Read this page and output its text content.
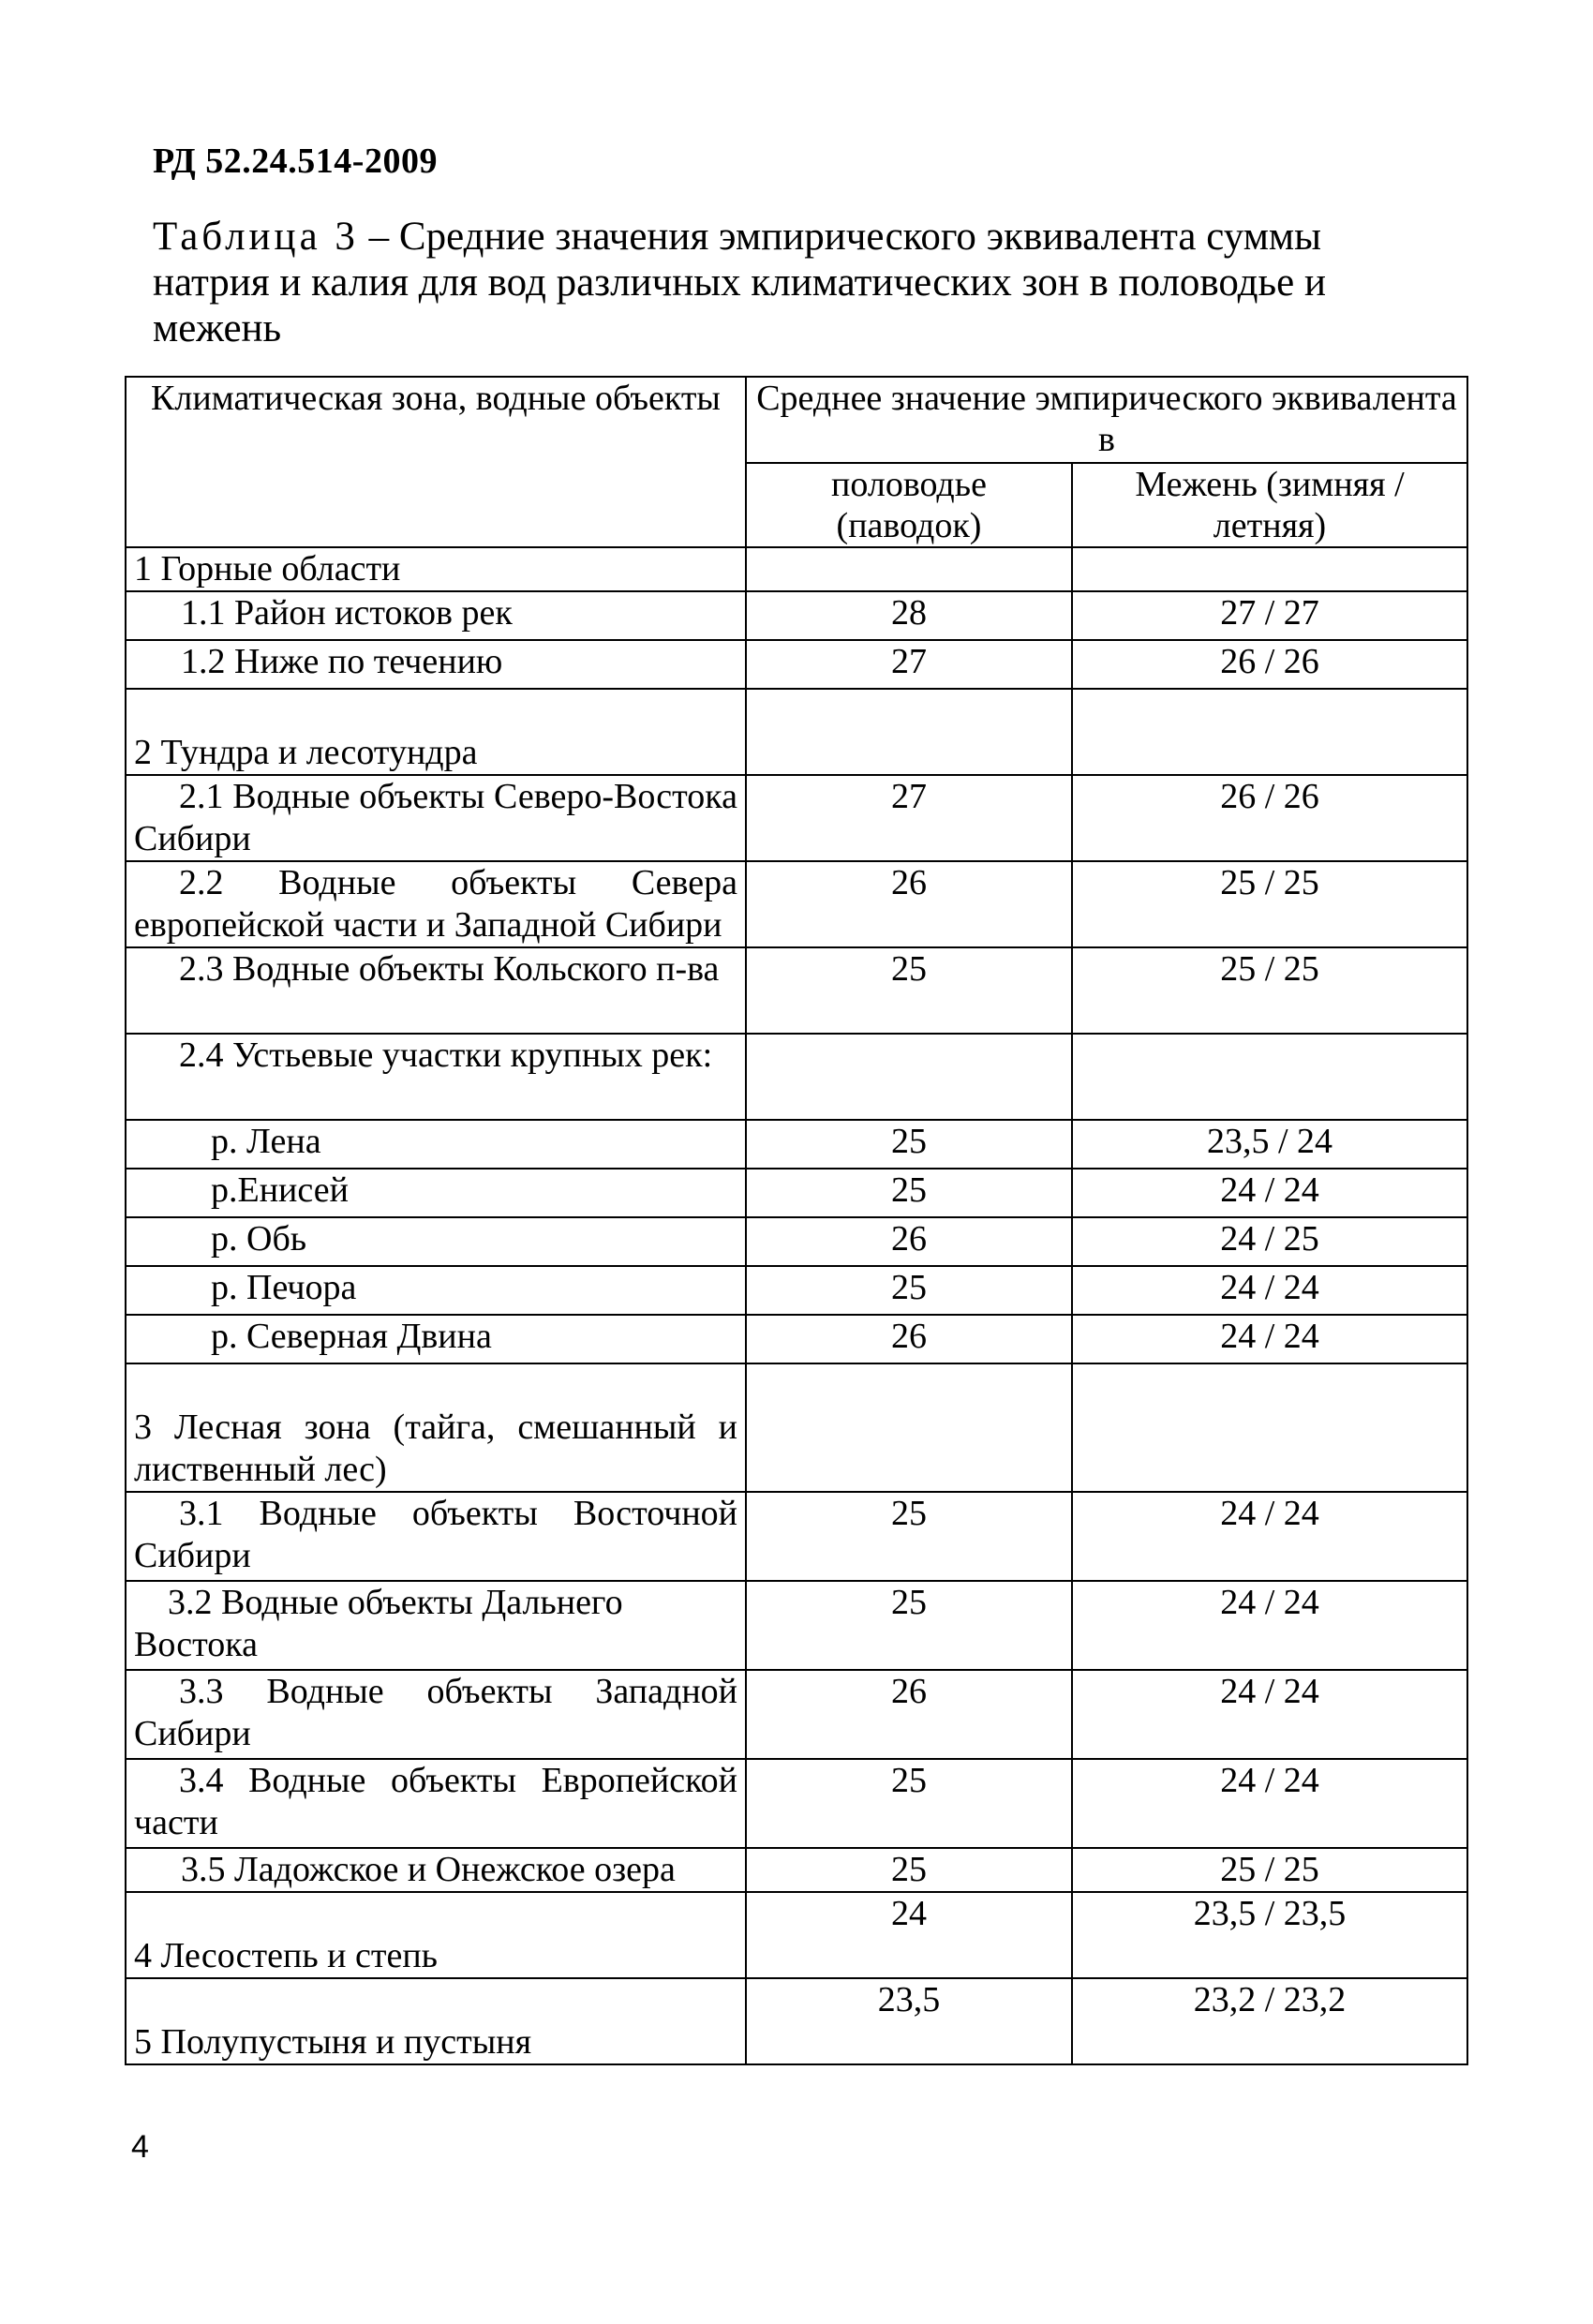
РД 52.24.514-2009
Таблица 3 – Средние значения эмпирического эквивалента суммы натрия и калия для вод различных климатических зон в половодье и межень
Климатическая зона, водные объекты	Среднее значение эмпирического эквивалента в	
	половодье (паводок)	Межень (зимняя / летняя)
1 Горные области		
1.1 Район истоков рек	28	27 / 27
1.2 Ниже по течению	27	26 / 26
2 Тундра и лесотундра		
2.1 Водные объекты Северо-Востока Сибири	27	26 / 26
2.2 Водные объекты Севера европейской части и Западной Сибири	26	25 / 25
2.3 Водные объекты Кольского п-ва	25	25 / 25
2.4 Устьевые участки крупных рек:		
р. Лена	25	23,5 / 24
р.Енисей	25	24 / 24
р. Обь	26	24 / 25
р. Печора	25	24 / 24
р. Северная Двина	26	24 / 24
3 Лесная зона (тайга, смешанный и лиственный лес)		
3.1 Водные объекты Восточной Сибири	25	24 / 24
3.2 Водные объекты Дальнего Востока	25	24 / 24
3.3 Водные объекты Западной Сибири	26	24 / 24
3.4 Водные объекты Европейской части	25	24 / 24
3.5 Ладожское и Онежское озера	25	25 / 25
4 Лесостепь и степь	24	23,5 / 23,5
5 Полупустыня и пустыня	23,5	23,2 / 23,2
4
